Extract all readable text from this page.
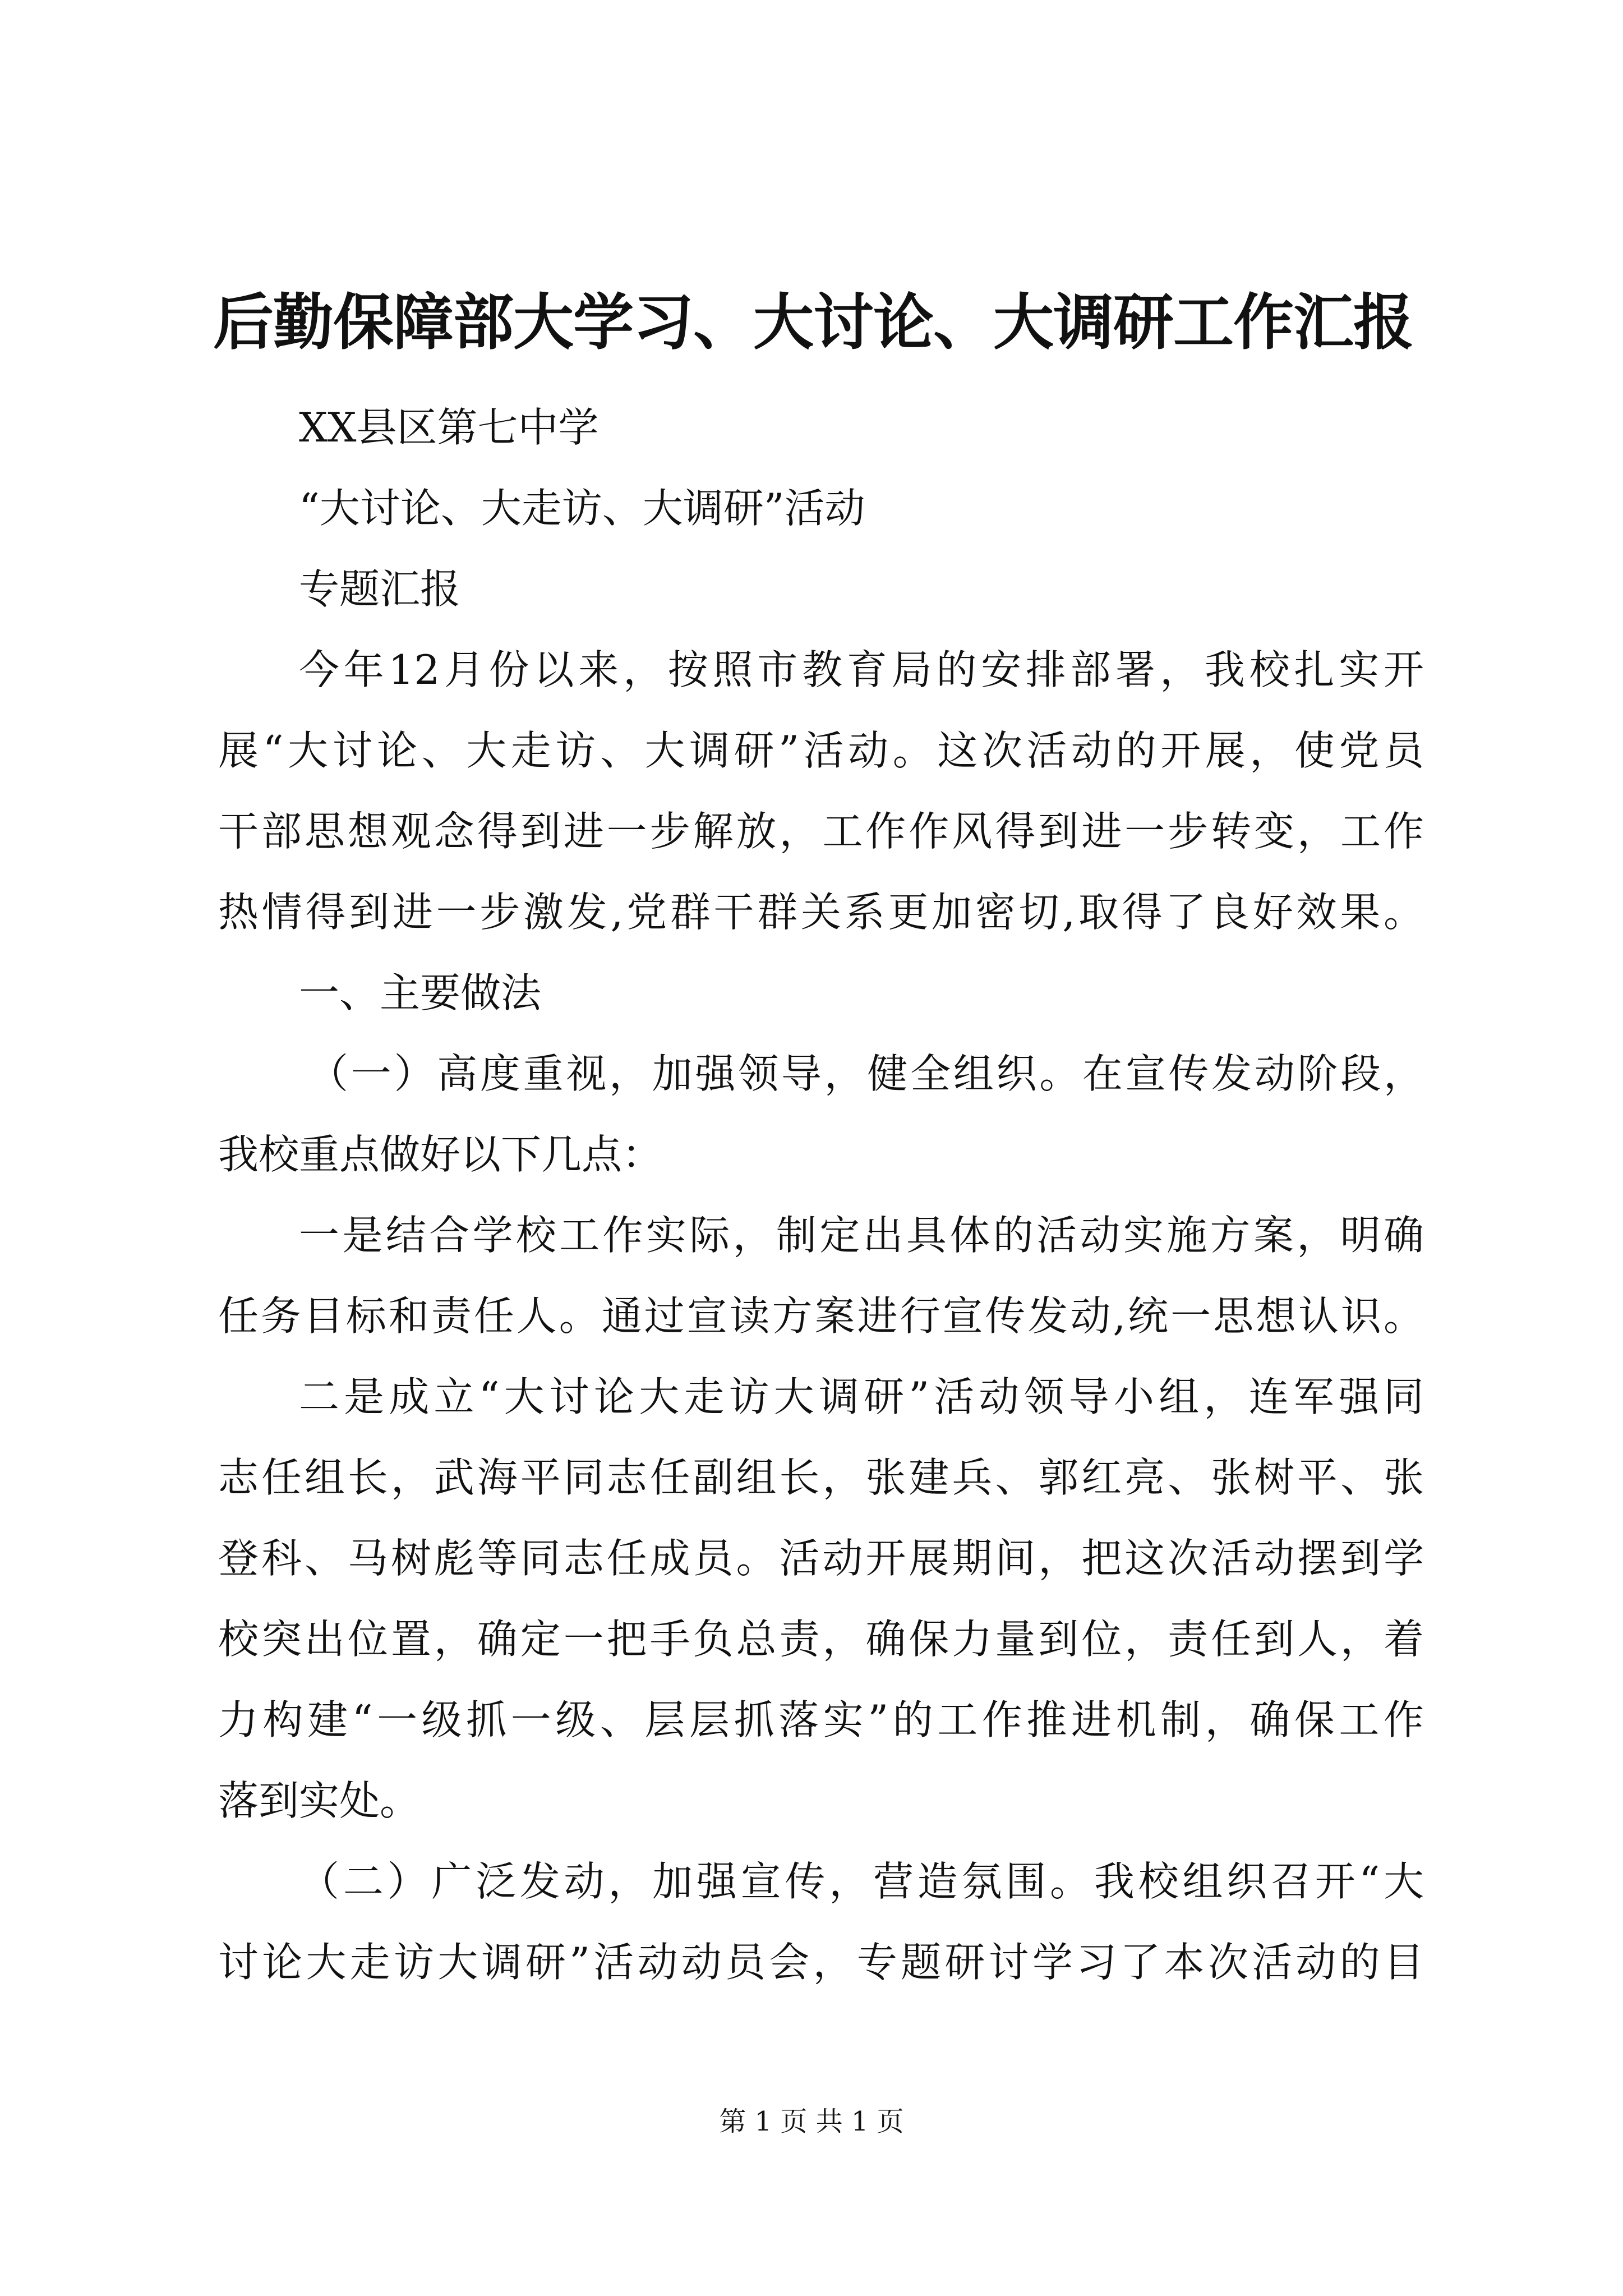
后勤保障部大学习、大讨论、大调研工作汇报
XX县区第七中学
“大讨论、大走访、大调研”活动
专题汇报
今年12月份以来，按照市教育局的安排部署，我校扎实开
展“大讨论、大走访、大调研”活动。这次活动的开展，使党员
干部思想观念得到进一步解放，工作作风得到进一步转变，工作
热情得到进一步激发,党群干群关系更加密切,取得了良好效果。
一、主要做法
（一）高度重视，加强领导，健全组织。在宣传发动阶段，
我校重点做好以下几点：
一是结合学校工作实际，制定出具体的活动实施方案，明确
任务目标和责任人。通过宣读方案进行宣传发动,统一思想认识。
二是成立“大讨论大走访大调研”活动领导小组，连军强同
志任组长，武海平同志任副组长，张建兵、郭红亮、张树平、张
登科、马树彪等同志任成员。活动开展期间，把这次活动摆到学
校突出位置，确定一把手负总责，确保力量到位，责任到人，着
力构建“一级抓一级、层层抓落实”的工作推进机制，确保工作
落到实处。
（二）广泛发动，加强宣传，营造氛围。我校组织召开“大
讨论大走访大调研”活动动员会，专题研讨学习了本次活动的目
第 1 页 共 1 页
